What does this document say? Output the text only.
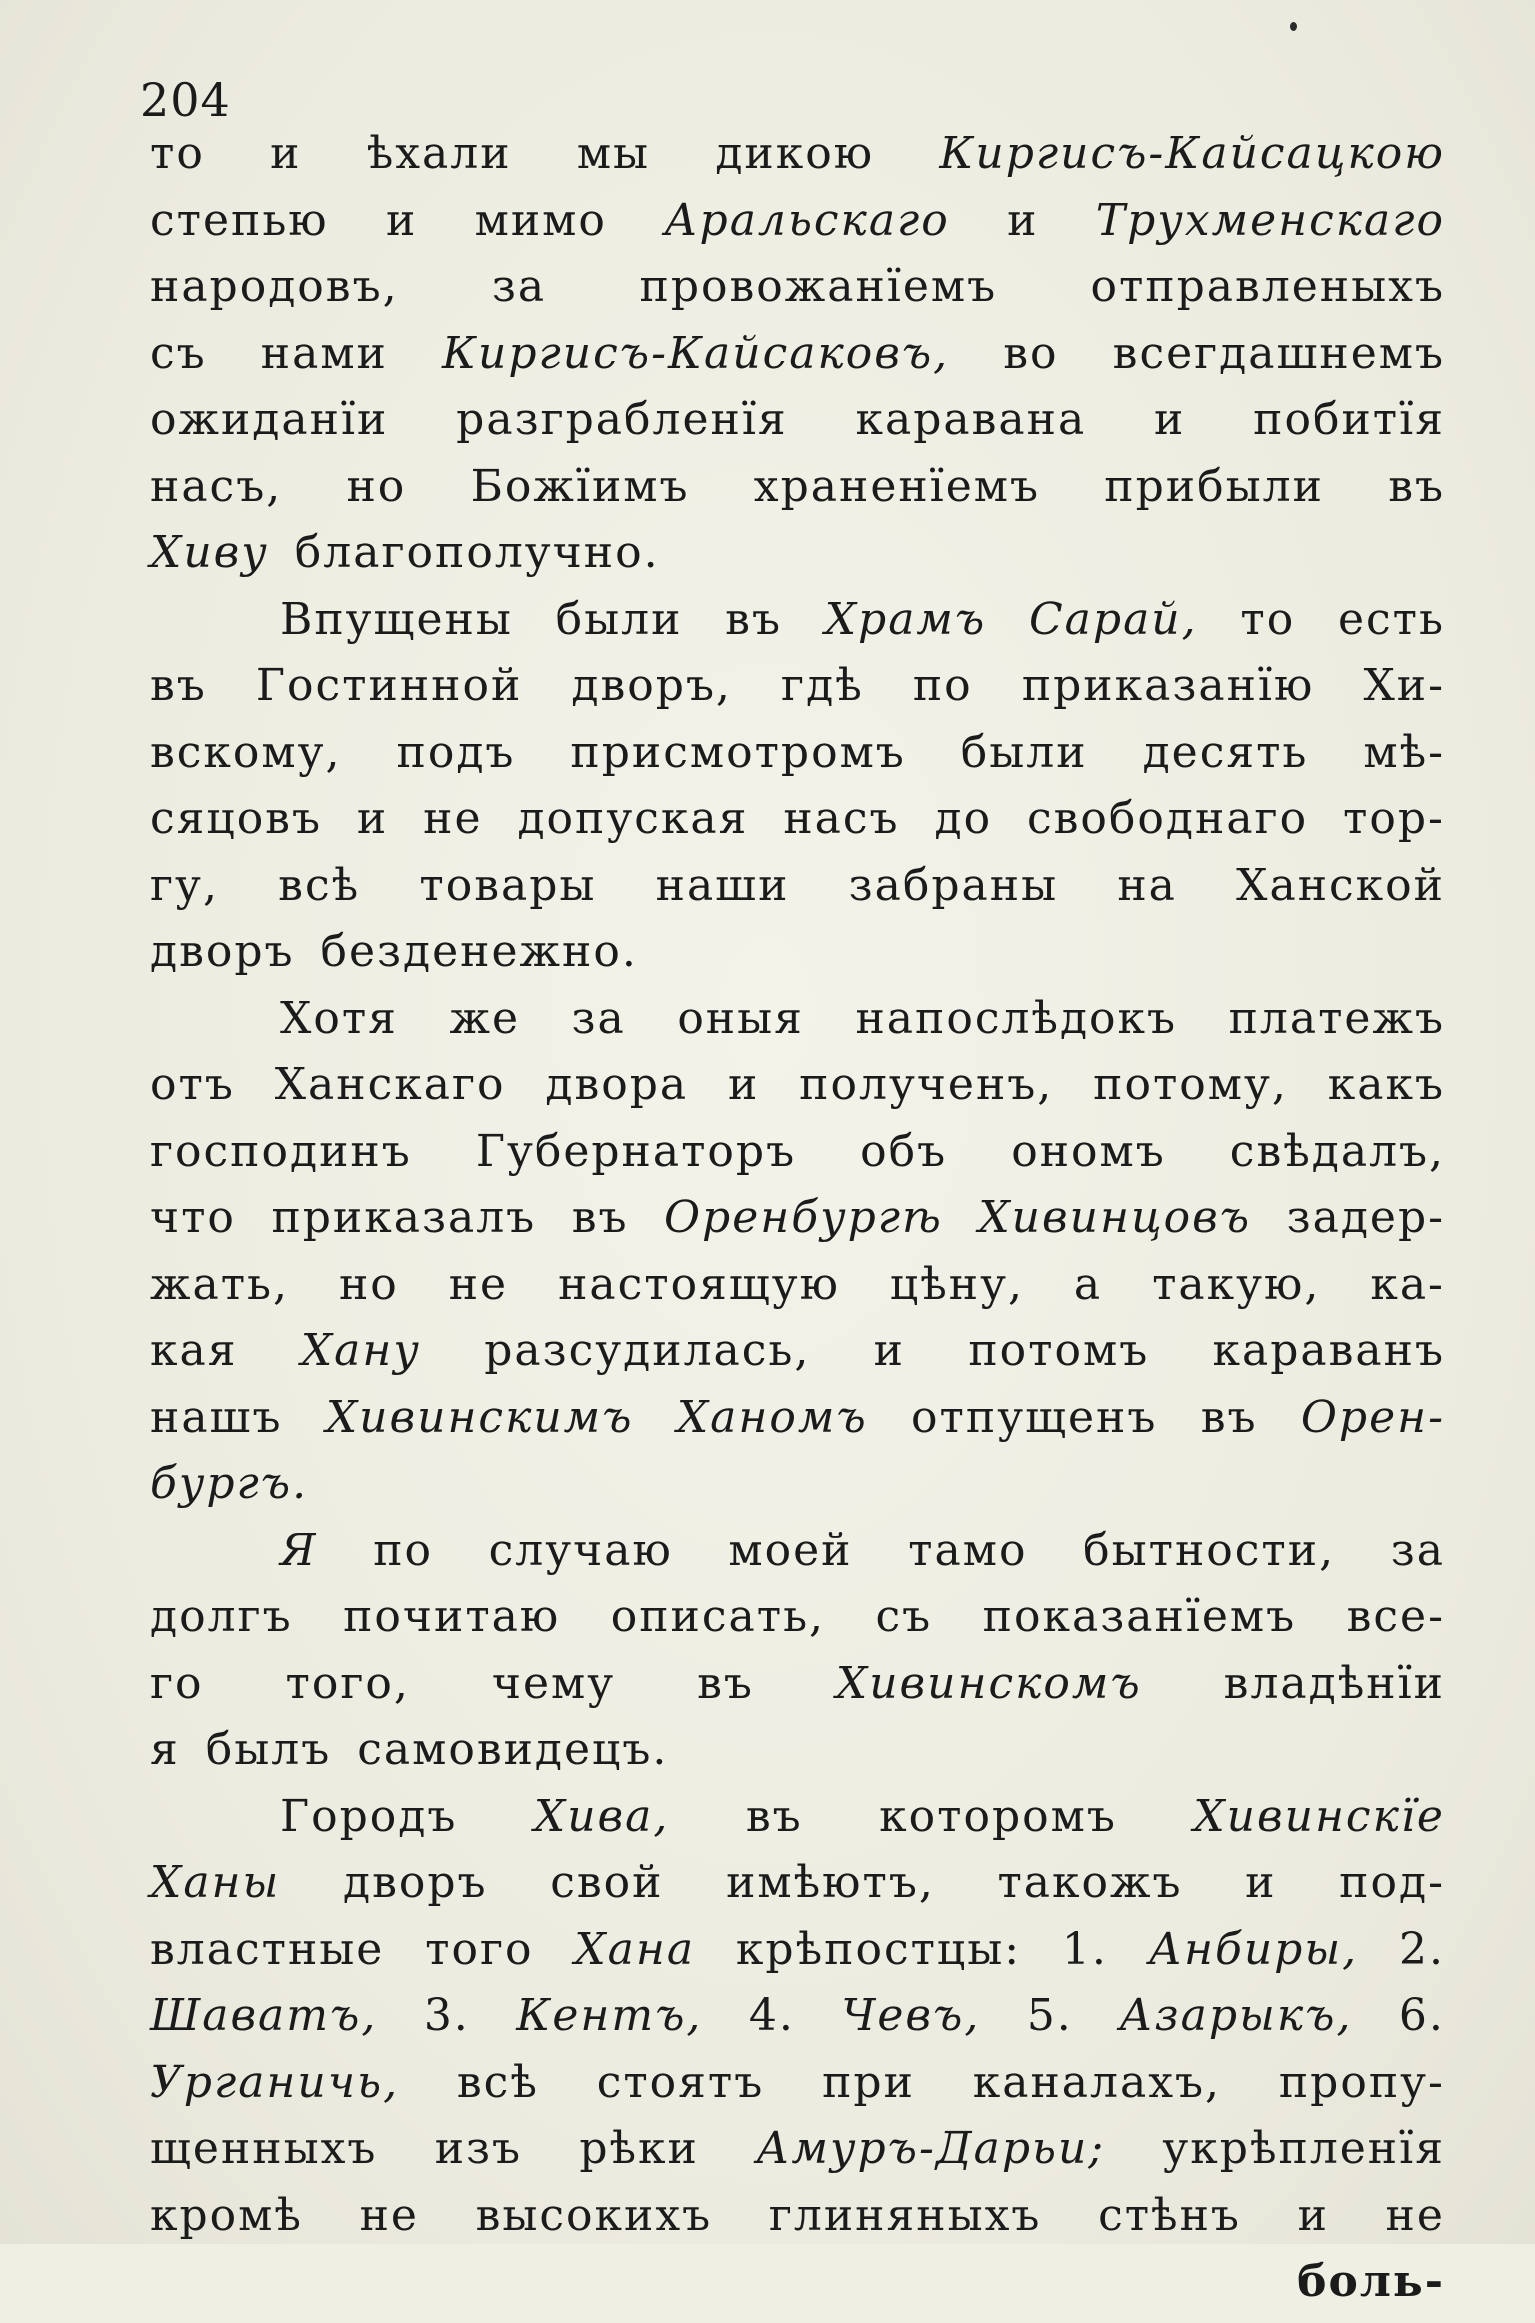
204
то и ѣхали мы дикою Киргисъ-Кайсацкою
степью и мимо Аральскаго и Трухменскаго
народовъ, за провожанїемъ отправленыхъ
съ нами Киргисъ-Кайсаковъ, во всегдашнемъ
ожиданїи разграбленїя каравана и побитїя
насъ, но Божїимъ храненїемъ прибыли въ
Хиву благополучно.
Впущены были въ Храмъ Сарай, то есть
въ Гостинной дворъ, гдѣ по приказанїю Хи-
вскому, подъ присмотромъ были десять мѣ-
сяцовъ и не допуская насъ до свободнаго тор-
гу, всѣ товары наши забраны на Ханской
дворъ безденежно.
Хотя же за оныя напослѣдокъ платежъ
отъ Ханскаго двора и полученъ, потому, какъ
господинъ Губернаторъ объ ономъ свѣдалъ,
что приказалъ въ Оренбургѣ Хивинцовъ задер-
жать, но не настоящую цѣну, а такую, ка-
кая Хану разсудилась, и потомъ караванъ
нашъ Хивинскимъ Ханомъ отпущенъ въ Орен-
бургъ.
Я по случаю моей тамо бытности, за
долгъ почитаю описать, съ показанїемъ все-
го того, чему въ Хивинскомъ владѣнїи
я былъ самовидецъ.
Городъ Хива, въ которомъ Хивинскїе
Ханы дворъ свой имѣютъ, такожъ и под-
властные того Хана крѣпостцы: 1. Анбиры, 2.
Шаватъ, 3. Кентъ, 4. Чевъ, 5. Азарыкъ, 6.
Урганичь, всѣ стоятъ при каналахъ, пропу-
щенныхъ изъ рѣки Амуръ-Дарьи; укрѣпленїя
кромѣ не высокихъ глиняныхъ стѣнъ и не
боль-
